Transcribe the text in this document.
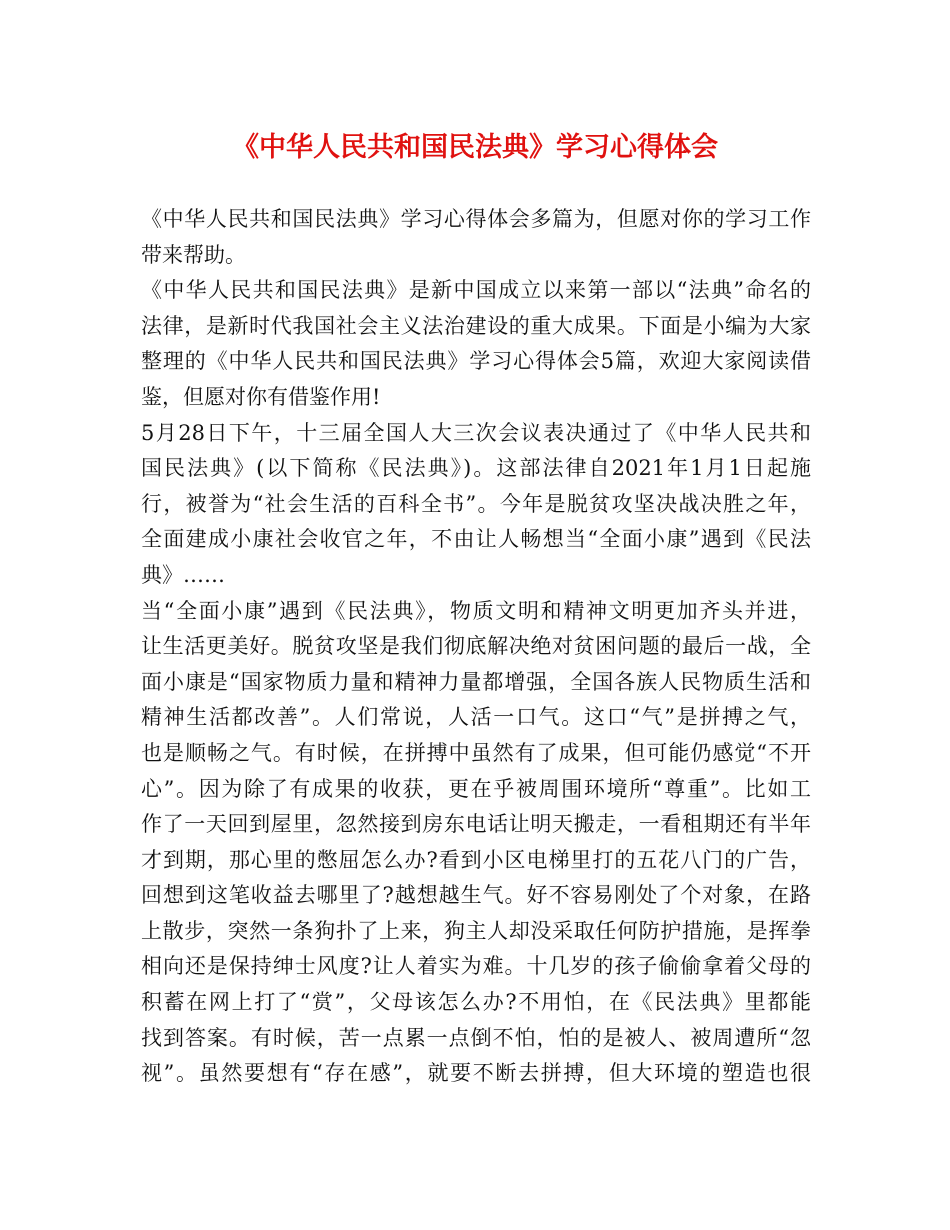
《中华人民共和国民法典》学习心得体会
《中华人民共和国民法典》学习心得体会多篇为，但愿对你的学习工作
带来帮助。
《中华人民共和国民法典》是新中国成立以来第一部以“法典”命名的
法律，是新时代我国社会主义法治建设的重大成果。下面是小编为大家
整理的《中华人民共和国民法典》学习心得体会5篇，欢迎大家阅读借
鉴，但愿对你有借鉴作用!
5月28日下午，十三届全国人大三次会议表决通过了《中华人民共和
国民法典》(以下简称《民法典》)。这部法律自2021年1月1日起施
行，被誉为“社会生活的百科全书”。今年是脱贫攻坚决战决胜之年，
全面建成小康社会收官之年，不由让人畅想当“全面小康”遇到《民法
典》……
当“全面小康”遇到《民法典》，物质文明和精神文明更加齐头并进，
让生活更美好。脱贫攻坚是我们彻底解决绝对贫困问题的最后一战，全
面小康是“国家物质力量和精神力量都增强，全国各族人民物质生活和
精神生活都改善”。人们常说，人活一口气。这口“气”是拼搏之气，
也是顺畅之气。有时候，在拼搏中虽然有了成果，但可能仍感觉“不开
心”。因为除了有成果的收获，更在乎被周围环境所“尊重”。比如工
作了一天回到屋里，忽然接到房东电话让明天搬走，一看租期还有半年
才到期，那心里的憋屈怎么办?看到小区电梯里打的五花八门的广告，
回想到这笔收益去哪里了?越想越生气。好不容易刚处了个对象，在路
上散步，突然一条狗扑了上来，狗主人却没采取任何防护措施，是挥拳
相向还是保持绅士风度?让人着实为难。十几岁的孩子偷偷拿着父母的
积蓄在网上打了“赏”，父母该怎么办?不用怕，在《民法典》里都能
找到答案。有时候，苦一点累一点倒不怕，怕的是被人、被周遭所“忽
视”。虽然要想有“存在感”，就要不断去拼搏，但大环境的塑造也很
